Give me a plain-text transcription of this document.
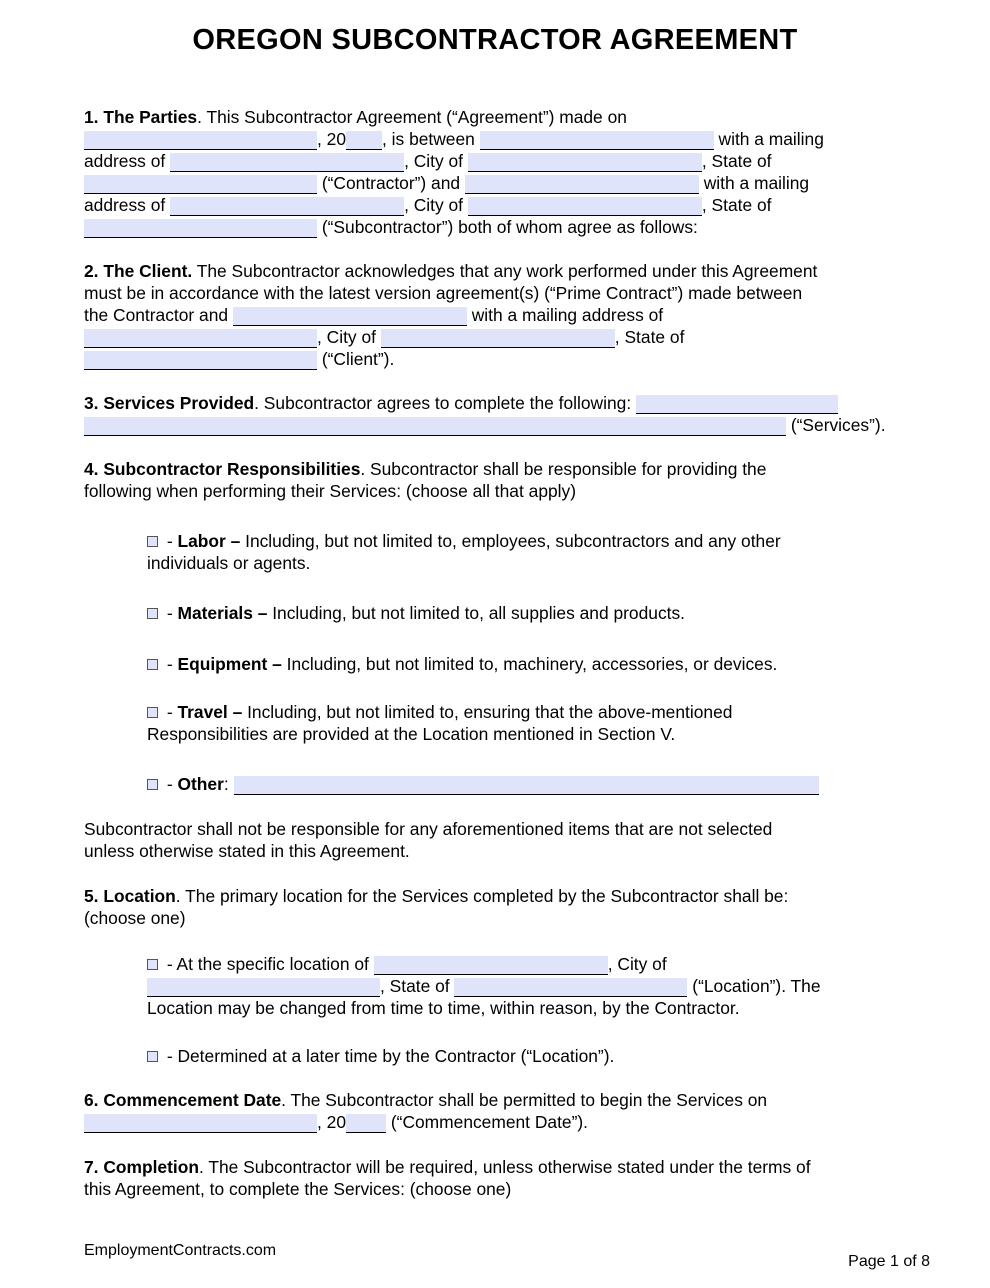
OREGON SUBCONTRACTOR AGREEMENT
1. The Parties. This Subcontractor Agreement (“Agreement”) made on
, 20 , is between	with a mailing
address of	, City of	, State of
(“Contractor”) and	with a mailing
address of	, City of	, State of
(“Subcontractor”) both of whom agree as follows:
2. The Client. The Subcontractor acknowledges that any work performed under this Agreement
must be in accordance with the latest version agreement(s) (“Prime Contract”) made between
the Contractor and	with a mailing address of
, City of	, State of
(“Client”).
3. Services Provided. Subcontractor agrees to complete the following:
(“Services”).
4. Subcontractor Responsibilities. Subcontractor shall be responsible for providing the
following when performing their Services: (choose all that apply)
- Labor – Including, but not limited to, employees, subcontractors and any other
individuals or agents.
- Materials – Including, but not limited to, all supplies and products.
- Equipment – Including, but not limited to, machinery, accessories, or devices.
- Travel – Including, but not limited to, ensuring that the above-mentioned
Responsibilities are provided at the Location mentioned in Section V.
- Other:
Subcontractor shall not be responsible for any aforementioned items that are not selected
unless otherwise stated in this Agreement.
5. Location. The primary location for the Services completed by the Subcontractor shall be:
(choose one)
- At the specific location of	, City of
, State of	(“Location”). The
Location may be changed from time to time, within reason, by the Contractor.
- Determined at a later time by the Contractor (“Location”).
6. Commencement Date. The Subcontractor shall be permitted to begin the Services on
, 20	(“Commencement Date”).
7. Completion. The Subcontractor will be required, unless otherwise stated under the terms of
this Agreement, to complete the Services: (choose one)
EmploymentContracts.com
Page 1 of 8
